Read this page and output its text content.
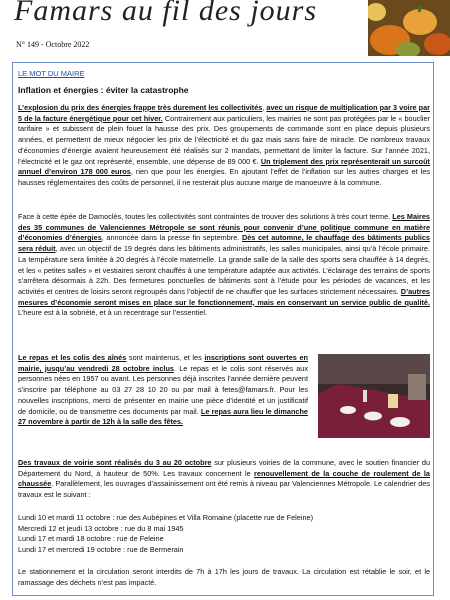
Famars au fil des jours
N° 149 - Octobre 2022
LE MOT DU MAIRE
Inflation et énergies : éviter la catastrophe
L’explosion du prix des énergies frappe très durement les collectivités, avec un risque de multiplication par 3 voire par 5 de la facture énergétique pour cet hiver. Contrairement aux particuliers, les mairies ne sont pas protégées par le « bouclier tarifaire » et subissent de plein fouet la hausse des prix. Des groupements de commande sont en place depuis plusieurs années, et permettent de mieux négocier les prix de l’électricité et du gaz mais sans faire de miracle. De nombreux travaux d’économies d’énergie avaient heureusement été réalisés sur 2 mandats, permettant de limiter la facture. Sur l’année 2021, l’électricité et le gaz ont représenté, ensemble, une dépense de 89 000 €. Un triplement des prix représenterait un surcoût annuel d’environ 178 000 euros, rien que pour les énergies. En ajoutant l’effet de l’inflation sur les autres charges et les hausses réglementaires des coûts de personnel, il ne resterait plus aucune marge de manoeuvre à la commune.
Face à cette épée de Damoclès, toutes les collectivités sont contraintes de trouver des solutions à très court terme. Les Maires des 35 communes de Valenciennes Métropole se sont réunis pour convenir d’une politique commune en matière d’économies d’énergies, annoncée dans la presse fin septembre. Dès cet automne, le chauffage des bâtiments publics sera réduit, avec un objectif de 19 degrés dans les bâtiments administratifs, les salles municipales, ainsi qu’à l’école primaire. La température sera limitée à 20 degrés à l’école maternelle. La grande salle de la salle des sports sera chauffée à 14 degrés, et les « petites salles » et vestiaires seront chauffés à une température adaptée aux activités. L’éclairage des terrains de sports s’arrêtera désormais à 22h. Des fermetures ponctuelles de bâtiments sont à l’étude pour les périodes de vacances, et les activités et centres de loisirs seront regroupés dans l’objectif de ne chauffer que les surfaces strictement nécessaires. D’autres mesures d’économie seront mises en place sur le fonctionnement, mais en conservant un service public de qualité. L’heure est à la sobriété, et à un recentrage sur l’essentiel.
Le repas et les colis des aînés sont maintenus, et les inscriptions sont ouvertes en mairie, jusqu’au vendredi 28 octobre inclus. Le repas et le colis sont réservés aux personnes nées en 1957 ou avant. Les personnes déjà inscrites l’année dernière peuvent s’inscrire par téléphone au 03 27 28 10 20 ou par mail à fetes@famars.fr. Pour les nouvelles inscriptions, merci de présenter en mairie une pièce d’identité et un justificatif de domicile, ou de transmettre ces documents par mail. Le repas aura lieu le dimanche 27 novembre à partir de 12h à la salle des fêtes.
Des travaux de voirie sont réalisés du 3 au 20 octobre sur plusieurs voiries de la commune, avec le soutien financier du Département du Nord, à hauteur de 50%. Les travaux concernent le renouvellement de la couche de roulement de la chaussée. Parallèlement, les ouvrages d’assainissement ont été remis à niveau par Valenciennes Métropole. Le calendrier des travaux est le suivant :
Lundi 10 et mardi 11 octobre : rue des Aubépines et Villa Romaine (placette rue de Feleine)
Mercredi 12 et jeudi 13 octobre : rue du 8 mai 1945
Lundi 17 et mardi 18 octobre : rue de Feleine
Lundi 17 et mercredi 19 octobre : rue de Bermerain
Le stationnement et la circulation seront interdits de 7h à 17h les jours de travaux. La circulation est rétablie le soir, et le ramassage des déchets n’est pas impacté.
